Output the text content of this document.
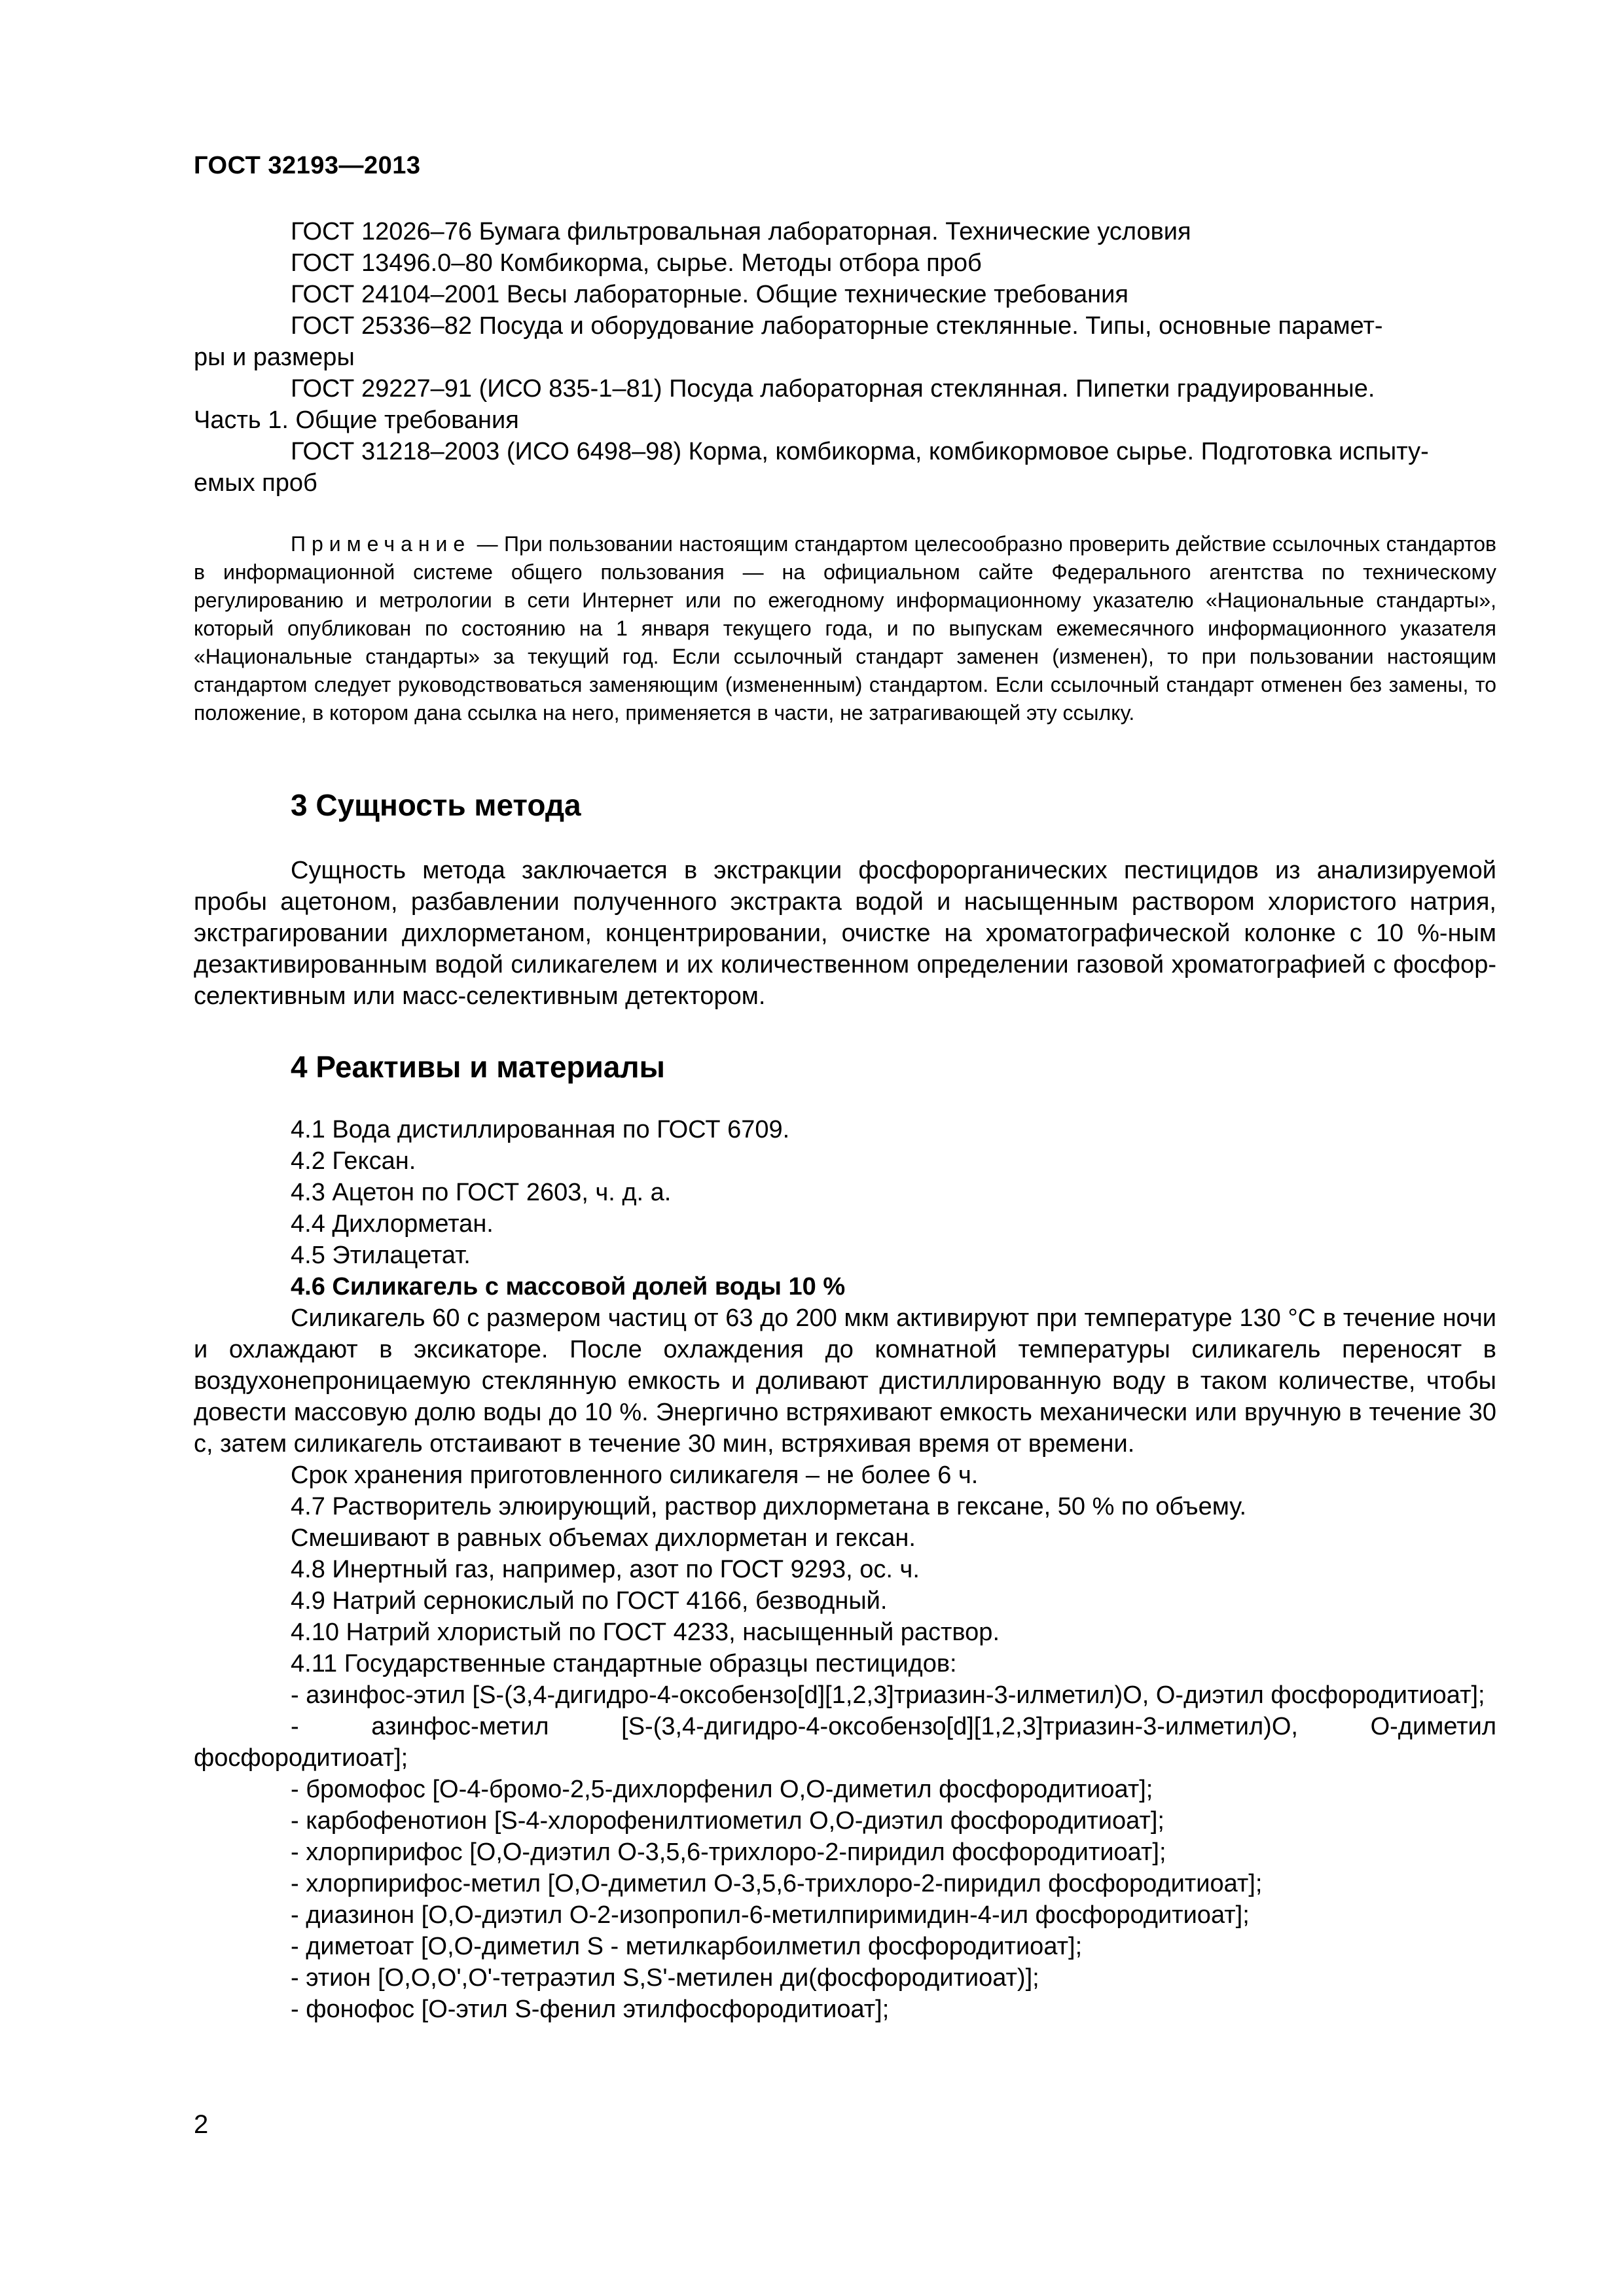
ГОСТ 32193—2013

ГОСТ 12026–76 Бумага фильтровальная лабораторная. Технические условия

ГОСТ 13496.0–80 Комбикорма, сырье. Методы отбора проб

ГОСТ 24104–2001 Весы лабораторные. Общие технические требования

ГОСТ 25336–82 Посуда и оборудование лабораторные стеклянные. Типы, основные парамет-
ры и размеры

ГОСТ 29227–91 (ИСО 835-1–81) Посуда лабораторная стеклянная. Пипетки градуированные.
Часть 1. Общие требования

ГОСТ 31218–2003 (ИСО 6498–98) Корма, комбикорма, комбикормовое сырье. Подготовка испыту-
емых проб

Примечание — При пользовании настоящим стандартом целесообразно проверить действие ссылочных стандартов в информационной системе общего пользования — на официальном сайте Федерального агентства по техническому регулированию и метрологии в сети Интернет или по ежегодному информационному указателю «Национальные стандарты», который опубликован по состоянию на 1 января текущего года, и по выпускам ежемесячного информационного указателя «Национальные стандарты» за текущий год. Если ссылочный стандарт заменен (изменен), то при пользовании настоящим стандартом следует руководствоваться заменяющим (измененным) стандартом. Если ссылочный стандарт отменен без замены, то положение, в котором дана ссылка на него, применяется в части, не затрагивающей эту ссылку.

3 Сущность метода

Сущность метода заключается в экстракции фосфорорганических пестицидов из анализируемой пробы ацетоном, разбавлении полученного экстракта водой и насыщенным раствором хлористого натрия, экстрагировании дихлорметаном, концентрировании, очистке на хроматографической колонке с 10 %-ным дезактивированным водой силикагелем и их количественном определении газовой хроматографией с фосфор-селективным или масс-селективным детектором.

4 Реактивы и материалы

4.1 Вода дистиллированная по ГОСТ 6709.

4.2 Гексан.

4.3 Ацетон по ГОСТ 2603, ч. д. а.

4.4 Дихлорметан.

4.5 Этилацетат.

4.6 Силикагель с массовой долей воды 10 %

Силикагель 60 с размером частиц от 63 до 200 мкм активируют при температуре 130 °С в течение ночи и охлаждают в эксикаторе. После охлаждения до комнатной температуры силикагель переносят в воздухонепроницаемую стеклянную емкость и доливают дистиллированную воду в таком количестве, чтобы довести массовую долю воды до 10 %. Энергично встряхивают емкость механически или вручную в течение 30 с, затем силикагель отстаивают в течение 30 мин, встряхивая время от времени.

Срок хранения приготовленного силикагеля – не более 6 ч.

4.7 Растворитель элюирующий, раствор дихлорметана в гексане, 50 % по объему.

Смешивают в равных объемах дихлорметан и гексан.

4.8 Инертный газ, например, азот по ГОСТ 9293, ос. ч.

4.9 Натрий сернокислый по ГОСТ 4166, безводный.

4.10 Натрий хлористый по ГОСТ 4233, насыщенный раствор.

4.11 Государственные стандартные образцы пестицидов:

- азинфос-этил [S-(3,4-дигидро-4-оксобензо[d][1,2,3]триазин-3-илметил)O, O-диэтил фосфородитиоат];

- азинфос-метил [S-(3,4-дигидро-4-оксобензо[d][1,2,3]триазин-3-илметил)O, O-диметил фосфородитиоат];

- бромофос [O-4-бромо-2,5-дихлорфенил O,O-диметил фосфородитиоат];

- карбофенотион [S-4-хлорофенилтиометил O,O-диэтил фосфородитиоат];

- хлорпирифос [O,O-диэтил O-3,5,6-трихлоро-2-пиридил фосфородитиоат];

- хлорпирифос-метил [O,O-диметил O-3,5,6-трихлоро-2-пиридил фосфородитиоат];

- диазинон [O,O-диэтил O-2-изопропил-6-метилпиримидин-4-ил фосфородитиоат];

- диметоат [O,O-диметил S - метилкарбоилметил фосфородитиоат];

- этион [O,O,O',O'-тетраэтил S,S'-метилен ди(фосфородитиоат)];

- фонофос [O-этил S-фенил этилфосфородитиоат];

2
